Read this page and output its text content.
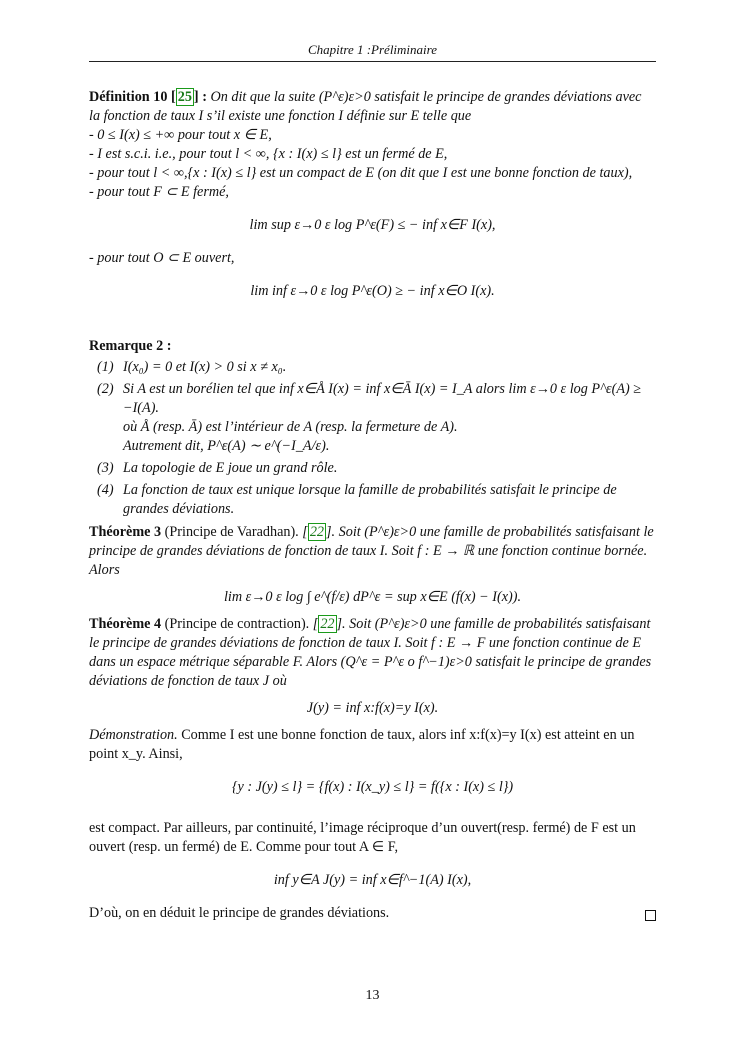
Chapitre 1 :Préliminaire

Définition 10 [ 25 ] : On dit que la suite (P^ε)ε>0 satisfait le principe de grandes déviations avec la fonction de taux I s’il existe une fonction I définie sur E telle que

- 0 ≤ I(x) ≤ +∞ pour tout x ∈ E,

- I est s.c.i. i.e., pour tout l < ∞, {x : I(x) ≤ l} est un fermé de E,

- pour tout l < ∞,{x : I(x) ≤ l} est un compact de E (on dit que I est une bonne fonction de taux),

- pour tout F ⊂ E fermé,

lim sup ε→0 ε log P^ε(F) ≤ − inf x∈F I(x),

- pour tout O ⊂ E ouvert,

lim inf ε→0 ε log P^ε(O) ≥ − inf x∈O I(x).

Remarque 2 :

(1) I(x₀) = 0 et I(x) > 0 si x ≠ x₀.
(2) Si A est un borélien tel que inf x∈Å I(x) = inf x∈Ā I(x) = I_A alors lim ε→0 ε log P^ε(A) ≥ −I(A).
où Å (resp. Ā) est l’intérieur de A (resp. la fermeture de A).
Autrement dit, P^ε(A) ∼ e^(−I_A/ε).
(3) La topologie de E joue un grand rôle.
(4) La fonction de taux est unique lorsque la famille de probabilités satisfait le principe de grandes déviations.

Théorème 3 (Principe de Varadhan). [ 22 ]. Soit (P^ε)ε>0 une famille de probabilités satisfaisant le principe de grandes déviations de fonction de taux I. Soit f : E → ℝ une fonction continue bornée. Alors

lim ε→0 ε log ∫ e^(f/ε) dP^ε = sup x∈E (f(x) − I(x)).

Théorème 4 (Principe de contraction). [ 22 ]. Soit (P^ε)ε>0 une famille de probabilités satisfaisant le principe de grandes déviations de fonction de taux I. Soit f : E → F une fonction continue de E dans un espace métrique séparable F. Alors (Q^ε = P^ε o f^−1)ε>0 satisfait le principe de grandes déviations de fonction de taux J où

J(y) = inf x:f(x)=y I(x).

Démonstration. Comme I est une bonne fonction de taux, alors inf x:f(x)=y I(x) est atteint en un point x_y. Ainsi,

{y : J(y) ≤ l} = {f(x) : I(x_y) ≤ l} = f({x : I(x) ≤ l})

est compact. Par ailleurs, par continuité, l’image réciproque d’un ouvert(resp. fermé) de F est un ouvert (resp. un fermé) de E. Comme pour tout A ∈ F,

inf y∈A J(y) = inf x∈f^−1(A) I(x),

D’où, on en déduit le principe de grandes déviations.

13
